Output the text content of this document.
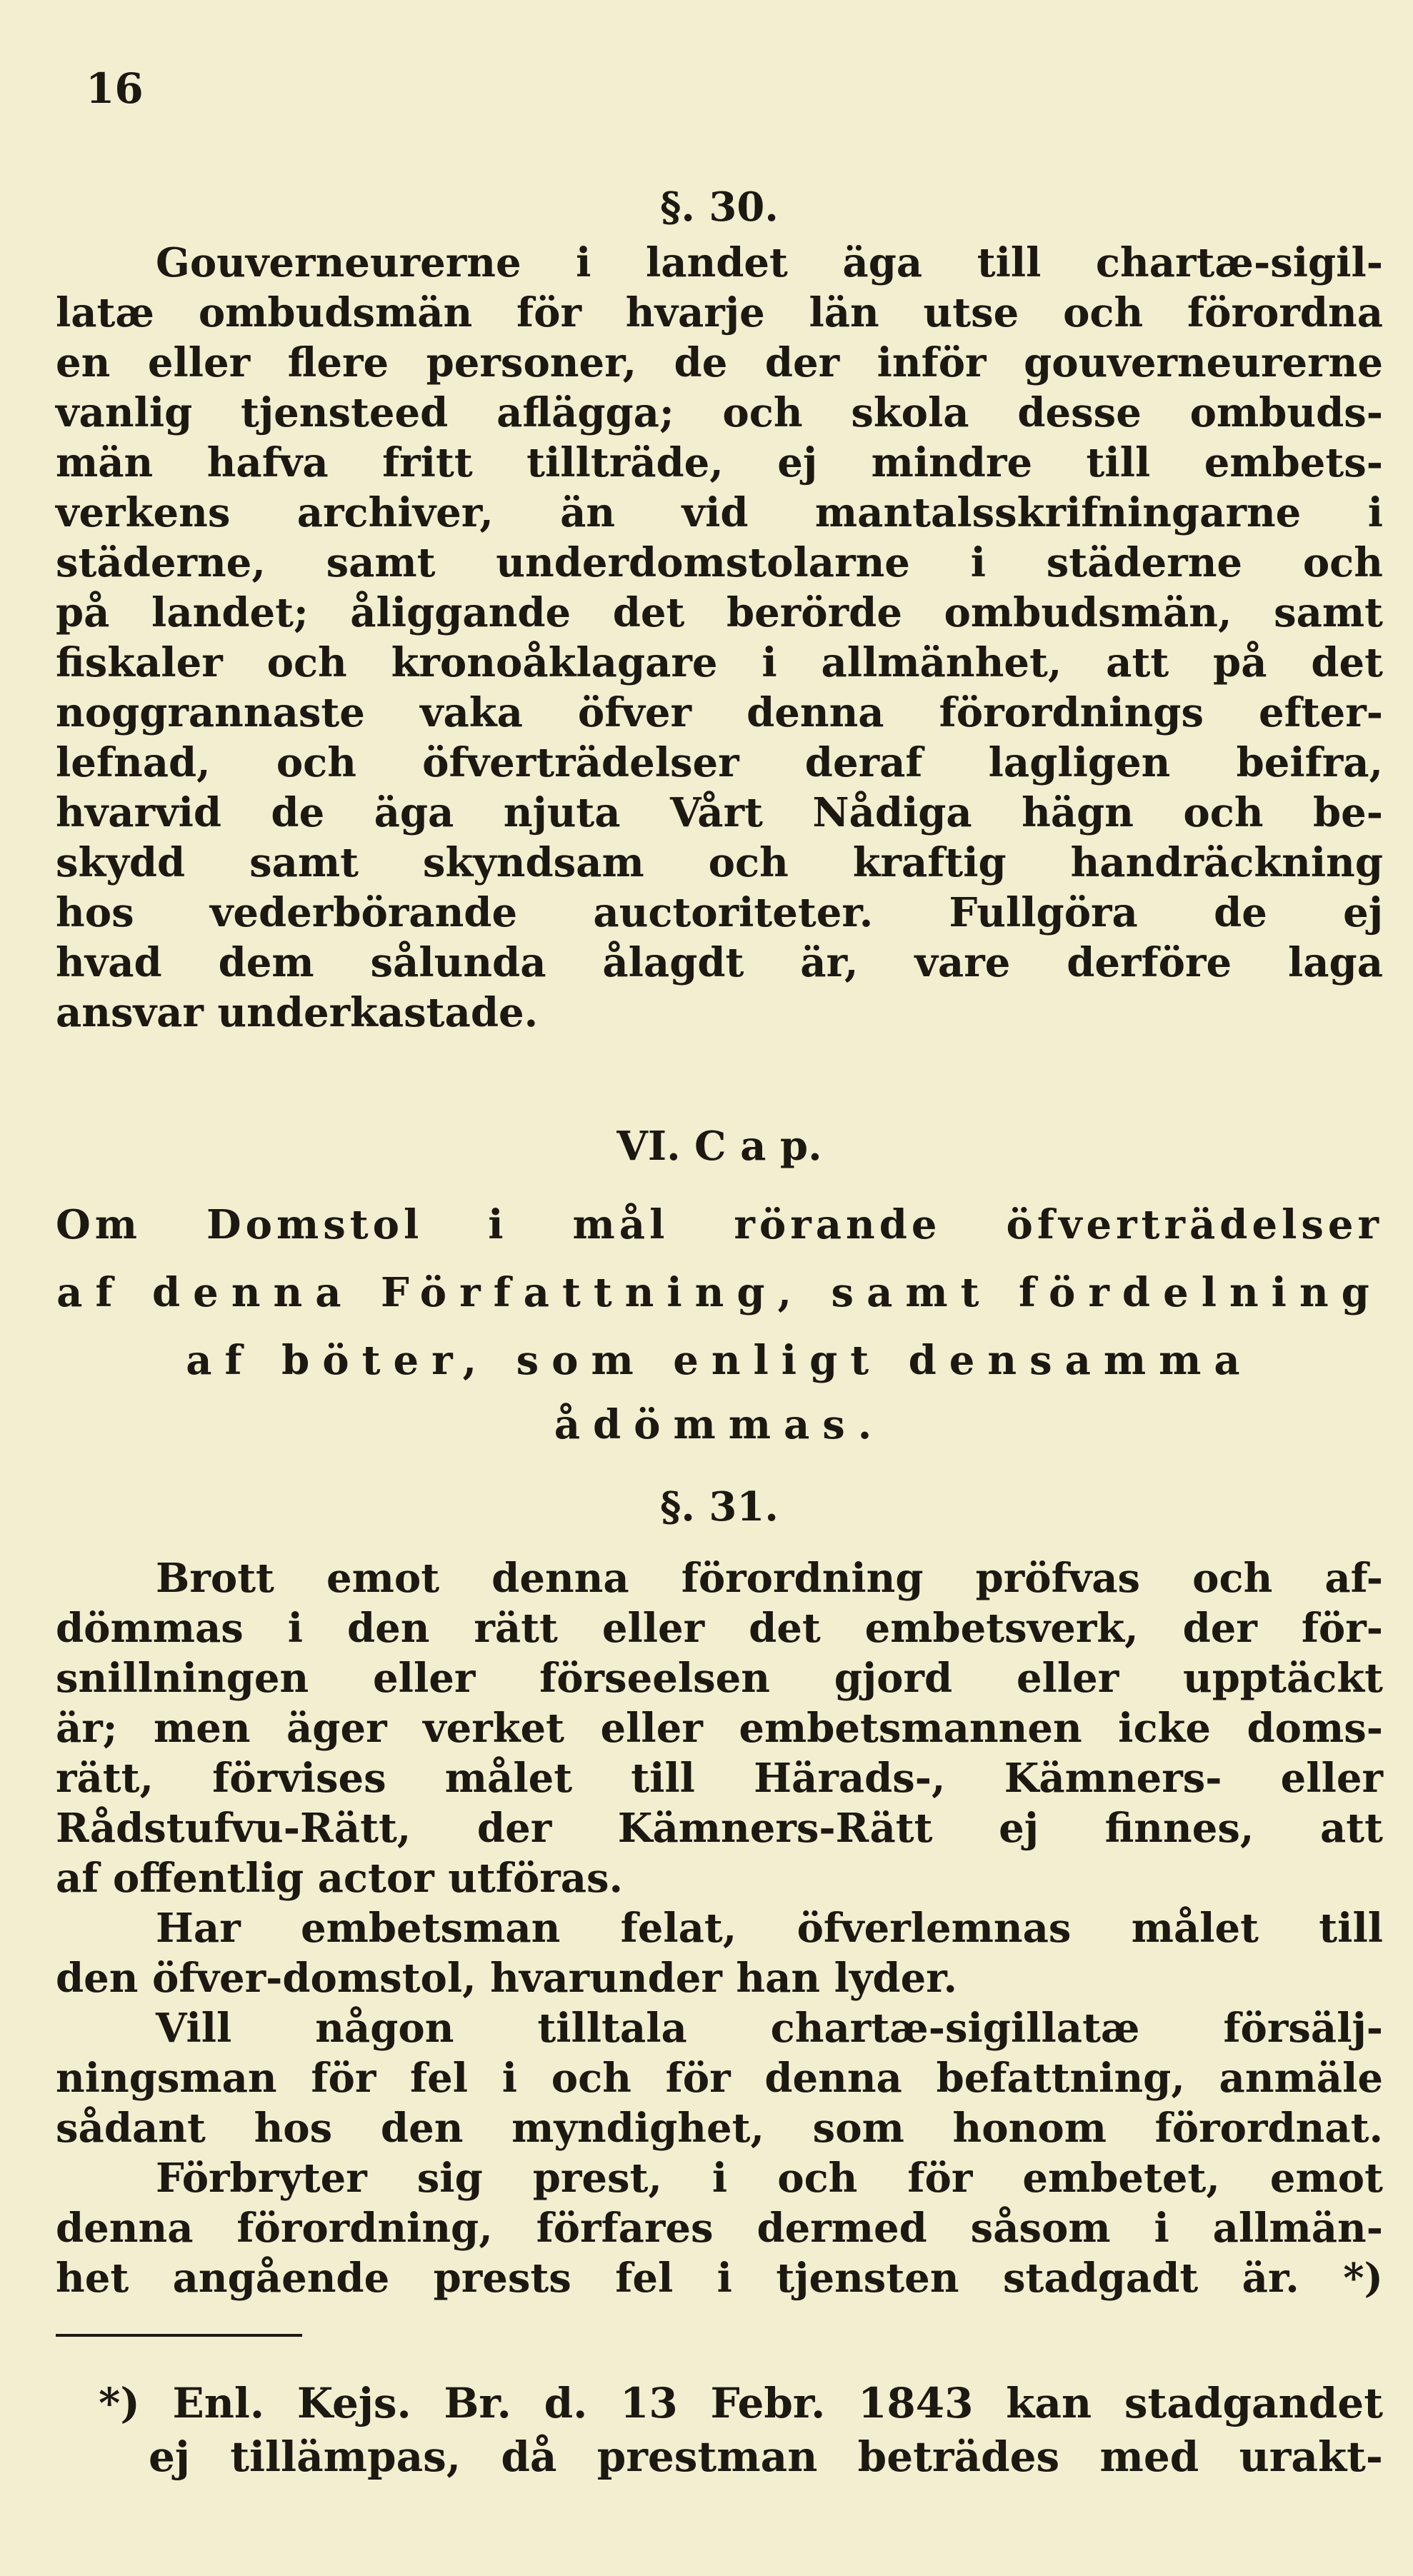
16
§. 30.
Gouverneurerne i landet äga till chartæ-sigil-
latæ ombudsmän för hvarje län utse och förordna
en eller flere personer, de der inför gouverneurerne
vanlig tjensteed aflägga; och skola desse ombuds-
män hafva fritt tillträde, ej mindre till embets-
verkens archiver, än vid mantalsskrifningarne i
städerne, samt underdomstolarne i städerne och
på landet; åliggande det berörde ombudsmän, samt
fiskaler och kronoåklagare i allmänhet, att på det
noggrannaste vaka öfver denna förordnings efter-
lefnad, och öfverträdelser deraf lagligen beifra,
hvarvid de äga njuta Vårt Nådiga hägn och be-
skydd samt skyndsam och kraftig handräckning
hos vederbörande auctoriteter. Fullgöra de ej
hvad dem sålunda ålagdt är, vare derföre laga
ansvar underkastade.
VI. C a p.
Om Domstol i mål rörande öfverträdelser
af denna Författning, samt fördelning
af böter, som enligt densamma
ådömmas.
§. 31.
Brott emot denna förordning pröfvas och af-
dömmas i den rätt eller det embetsverk, der för-
snillningen eller förseelsen gjord eller upptäckt
är; men äger verket eller embetsmannen icke doms-
rätt, förvises målet till Härads-, Kämners- eller
Rådstufvu-Rätt, der Kämners-Rätt ej finnes, att
af offentlig actor utföras.
Har embetsman felat, öfverlemnas målet till
den öfver-domstol, hvarunder han lyder.
Vill någon tilltala chartæ-sigillatæ försälj-
ningsman för fel i och för denna befattning, anmäle
sådant hos den myndighet, som honom förordnat.
Förbryter sig prest, i och för embetet, emot
denna förordning, förfares dermed såsom i allmän-
het angående prests fel i tjensten stadgadt är. *)
*) Enl. Kejs. Br. d. 13 Febr. 1843 kan stadgandet
ej tillämpas, då prestman beträdes med urakt-
